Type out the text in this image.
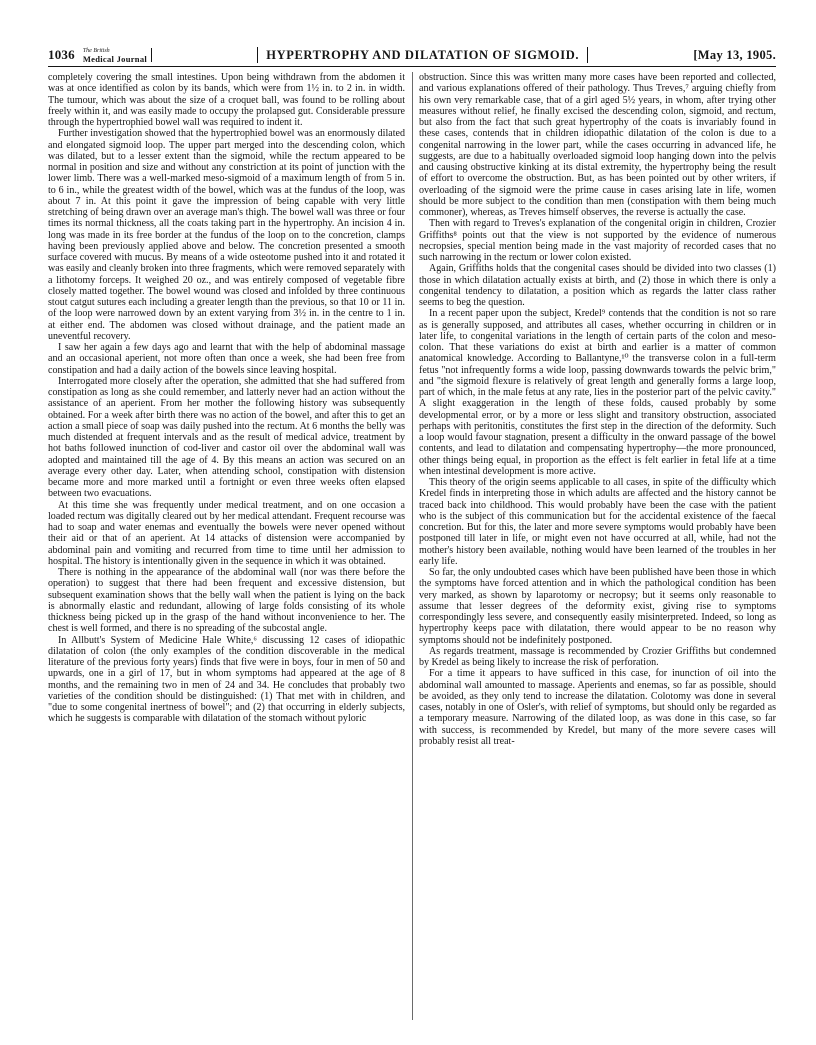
1036 The British
Medical Journal	HYPERTROPHY AND DILATATION OF SIGMOID.	[May 13, 1905.

completely covering the small intestines. Upon being withdrawn from the abdomen it was at once identified as colon by its bands, which were from 1½ in. to 2 in. in width. The tumour, which was about the size of a croquet ball, was found to be rolling about freely within it, and was easily made to occupy the prolapsed gut. Considerable pressure through the hypertrophied bowel wall was required to indent it.

Further investigation showed that the hypertrophied bowel was an enormously dilated and elongated sigmoid loop. The upper part merged into the descending colon, which was dilated, but to a lesser extent than the sigmoid, while the rectum appeared to be normal in position and size and without any constriction at its point of junction with the lower limb. There was a well-marked meso-sigmoid of a maximum length of from 5 in. to 6 in., while the greatest width of the bowel, which was at the fundus of the loop, was about 7 in. At this point it gave the impression of being capable with very little stretching of being drawn over an average man's thigh. The bowel wall was three or four times its normal thickness, all the coats taking part in the hypertrophy. An incision 4 in. long was made in its free border at the fundus of the loop on to the concretion, clamps having been previously applied above and below. The concretion presented a smooth surface covered with mucus. By means of a wide osteotome pushed into it and rotated it was easily and cleanly broken into three fragments, which were removed separately with a lithotomy forceps. It weighed 20 oz., and was entirely composed of vegetable fibre closely matted together. The bowel wound was closed and infolded by three continuous stout catgut sutures each including a greater length than the previous, so that 10 or 11 in. of the loop were narrowed down by an extent varying from 3½ in. in the centre to 1 in. at either end. The abdomen was closed without drainage, and the patient made an uneventful recovery.

I saw her again a few days ago and learnt that with the help of abdominal massage and an occasional aperient, not more often than once a week, she had been free from constipation and had a daily action of the bowels since leaving hospital.

Interrogated more closely after the operation, she admitted that she had suffered from constipation as long as she could remember, and latterly never had an action without the assistance of an aperient. From her mother the following history was subsequently obtained. For a week after birth there was no action of the bowel, and after this to get an action a small piece of soap was daily pushed into the rectum. At 6 months the belly was much distended at frequent intervals and as the result of medical advice, treatment by hot baths followed inunction of cod-liver and castor oil over the abdominal wall was adopted and maintained till the age of 4. By this means an action was secured on an average every other day. Later, when attending school, constipation with distension became more and more marked until a fortnight or even three weeks often elapsed between two evacuations.

At this time she was frequently under medical treatment, and on one occasion a loaded rectum was digitally cleared out by her medical attendant. Frequent recourse was had to soap and water enemas and eventually the bowels were never opened without their aid or that of an aperient. At 14 attacks of distension were accompanied by abdominal pain and vomiting and recurred from time to time until her admission to hospital. The history is intentionally given in the sequence in which it was obtained.

There is nothing in the appearance of the abdominal wall (nor was there before the operation) to suggest that there had been frequent and excessive distension, but subsequent examination shows that the belly wall when the patient is lying on the back is abnormally elastic and redundant, allowing of large folds consisting of its whole thickness being picked up in the grasp of the hand without inconvenience to her. The chest is well formed, and there is no spreading of the subcostal angle.

In Allbutt's System of Medicine Hale White,⁶ discussing 12 cases of idiopathic dilatation of colon (the only examples of the condition discoverable in the medical literature of the previous forty years) finds that five were in boys, four in men of 50 and upwards, one in a girl of 17, but in whom symptoms had appeared at the age of 8 months, and the remaining two in men of 24 and 34. He concludes that probably two varieties of the condition should be distinguished: (1) That met with in children, and "due to some congenital inertness of bowel"; and (2) that occurring in elderly subjects, which he suggests is comparable with dilatation of the stomach without pyloric

obstruction. Since this was written many more cases have been reported and collected, and various explanations offered of their pathology. Thus Treves,⁷ arguing chiefly from his own very remarkable case, that of a girl aged 5½ years, in whom, after trying other measures without relief, he finally excised the descending colon, sigmoid, and rectum, but also from the fact that such great hypertrophy of the coats is invariably found in these cases, contends that in children idiopathic dilatation of the colon is due to a congenital narrowing in the lower part, while the cases occurring in advanced life, he suggests, are due to a habitually overloaded sigmoid loop hanging down into the pelvis and causing obstructive kinking at its distal extremity, the hypertrophy being the result of effort to overcome the obstruction. But, as has been pointed out by other writers, if overloading of the sigmoid were the prime cause in cases arising late in life, women should be more subject to the condition than men (constipation with them being much commoner), whereas, as Treves himself observes, the reverse is actually the case.

Then with regard to Treves's explanation of the congenital origin in children, Crozier Griffiths⁸ points out that the view is not supported by the evidence of numerous necropsies, special mention being made in the vast majority of recorded cases that no such narrowing in the rectum or lower colon existed.

Again, Griffiths holds that the congenital cases should be divided into two classes (1) those in which dilatation actually exists at birth, and (2) those in which there is only a congenital tendency to dilatation, a position which as regards the latter class rather seems to beg the question.

In a recent paper upon the subject, Kredel⁹ contends that the condition is not so rare as is generally supposed, and attributes all cases, whether occurring in children or in later life, to congenital variations in the length of certain parts of the colon and meso-colon. That these variations do exist at birth and earlier is a matter of common anatomical knowledge. According to Ballantyne,¹⁰ the transverse colon in a full-term fetus "not infrequently forms a wide loop, passing downwards towards the pelvic brim," and "the sigmoid flexure is relatively of great length and generally forms a large loop, part of which, in the male fetus at any rate, lies in the posterior part of the pelvic cavity." A slight exaggeration in the length of these folds, caused probably by some developmental error, or by a more or less slight and transitory obstruction, associated perhaps with peritonitis, constitutes the first step in the direction of the deformity. Such a loop would favour stagnation, present a difficulty in the onward passage of the bowel contents, and lead to dilatation and compensating hypertrophy—the more pronounced, other things being equal, in proportion as the effect is felt earlier in fetal life at a time when intestinal development is more active.

This theory of the origin seems applicable to all cases, in spite of the difficulty which Kredel finds in interpreting those in which adults are affected and the history cannot be traced back into childhood. This would probably have been the case with the patient who is the subject of this communication but for the accidental existence of the faecal concretion. But for this, the later and more severe symptoms would probably have been postponed till later in life, or might even not have occurred at all, while, had not the mother's history been available, nothing would have been learned of the troubles in her early life.

So far, the only undoubted cases which have been published have been those in which the symptoms have forced attention and in which the pathological condition has been very marked, as shown by laparotomy or necropsy; but it seems only reasonable to assume that lesser degrees of the deformity exist, giving rise to symptoms correspondingly less severe, and consequently easily misinterpreted. Indeed, so long as hypertrophy keeps pace with dilatation, there would appear to be no reason why symptoms should not be indefinitely postponed.

As regards treatment, massage is recommended by Crozier Griffiths but condemned by Kredel as being likely to increase the risk of perforation.

For a time it appears to have sufficed in this case, for inunction of oil into the abdominal wall amounted to massage. Aperients and enemas, so far as possible, should be avoided, as they only tend to increase the dilatation. Colotomy was done in several cases, notably in one of Osler's, with relief of symptoms, but should only be regarded as a temporary measure. Narrowing of the dilated loop, as was done in this case, so far with success, is recommended by Kredel, but many of the more severe cases will probably resist all treat-
